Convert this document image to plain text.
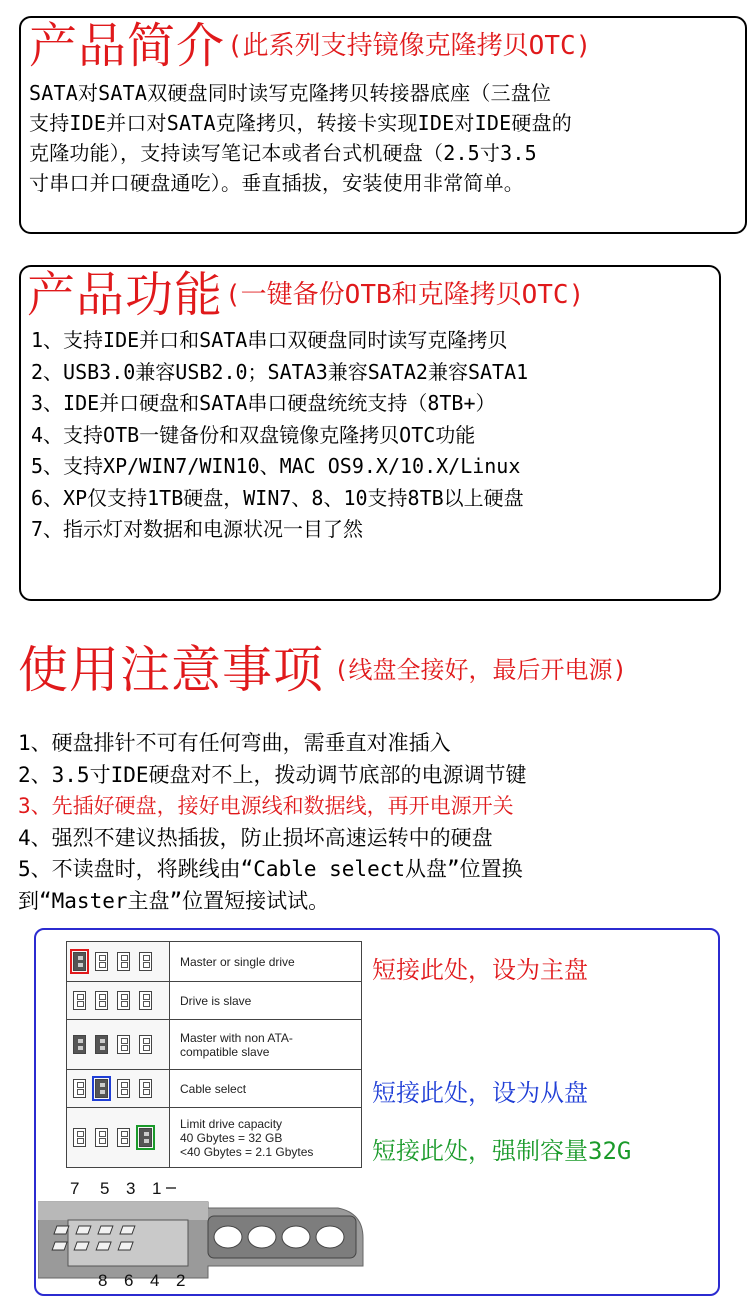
产品简介 (此系列支持镜像克隆拷贝OTC)
SATA对SATA双硬盘同时读写克隆拷贝转接器底座（三盘位
支持IDE并口对SATA克隆拷贝，转接卡实现IDE对IDE硬盘的
克隆功能），支持读写笔记本或者台式机硬盘（2.5寸3.5
寸串口并口硬盘通吃）。垂直插拔，安装使用非常简单。
产品功能 (一键备份OTB和克隆拷贝OTC)
1、支持IDE并口和SATA串口双硬盘同时读写克隆拷贝
2、USB3.0兼容USB2.0；SATA3兼容SATA2兼容SATA1
3、IDE并口硬盘和SATA串口硬盘统统支持（8TB+）
4、支持OTB一键备份和双盘镜像克隆拷贝OTC功能
5、支持XP/WIN7/WIN10、MAC OS9.X/10.X/Linux
6、XP仅支持1TB硬盘，WIN7、8、10支持8TB以上硬盘
7、指示灯对数据和电源状况一目了然
使用注意事项 (线盘全接好，最后开电源)
1、硬盘排针不可有任何弯曲，需垂直对准插入
2、3.5寸IDE硬盘对不上，拨动调节底部的电源调节键
3、先插好硬盘，接好电源线和数据线，再开电源开关
4、强烈不建议热插拔，防止损坏高速运转中的硬盘
5、不读盘时，将跳线由“Cable select从盘”位置换
到“Master主盘”位置短接试试。

	Master or single drive

	Drive is slave

	Master with non ATA-
compatible slave

	Cable select

	Limit drive capacity
40 Gbytes = 32 GB
<40 Gbytes = 2.1 Gbytes
短接此处，设为主盘
短接此处，设为从盘
短接此处，强制容量32G
7 5 3 1
8 6 4 2
